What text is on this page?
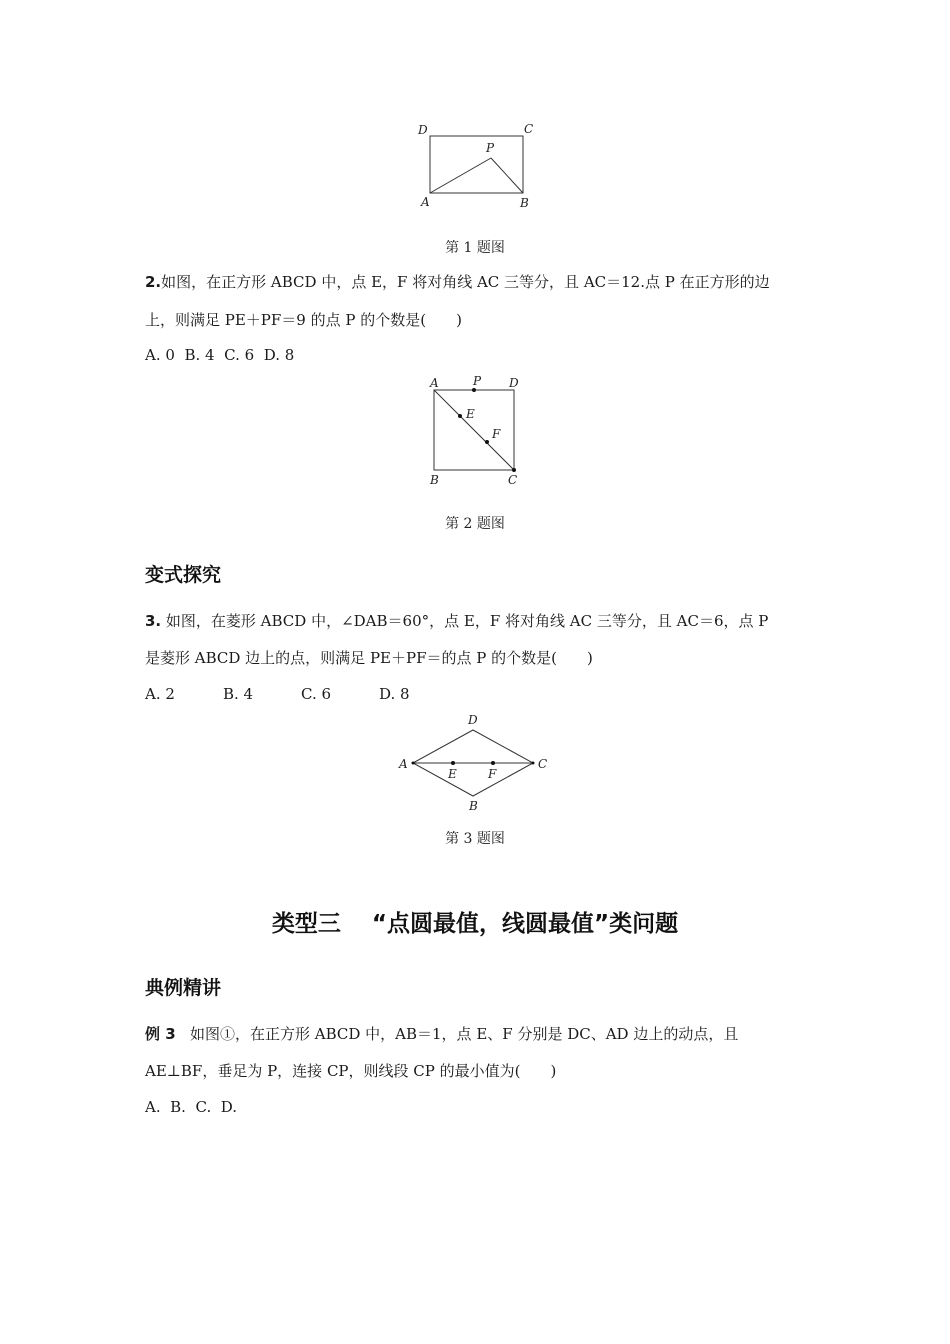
D	C
P
A	B
第 1 题图
2.如图，在正方形 ABCD 中，点 E，F 将对角线 AC 三等分，且 AC＝12.点 P 在正方形的边
上，则满足 PE＋PF＝9 的点 P 的个数是(　　)
A. 0 B. 4 C. 6 D. 8
A	P D
E
F
B	C
第 2 题图
变式探究
3. 如图，在菱形 ABCD 中，∠DAB＝60°，点 E，F 将对角线 AC 三等分，且 AC＝6，点 P
是菱形 ABCD 边上的点，则满足 PE＋PF＝的点 P 的个数是(　　)
A. 2	B. 4	C. 6	D. 8
D
A	C
E	F
B
第 3 题图
类型三　 “点圆最值，线圆最值”类问题
典例精讲
例 3 如图①，在正方形 ABCD 中，AB＝1，点 E、F 分别是 DC、AD 边上的动点，且
AE⊥BF，垂足为 P，连接 CP，则线段 CP 的最小值为(　　)
A. B. C. D.
